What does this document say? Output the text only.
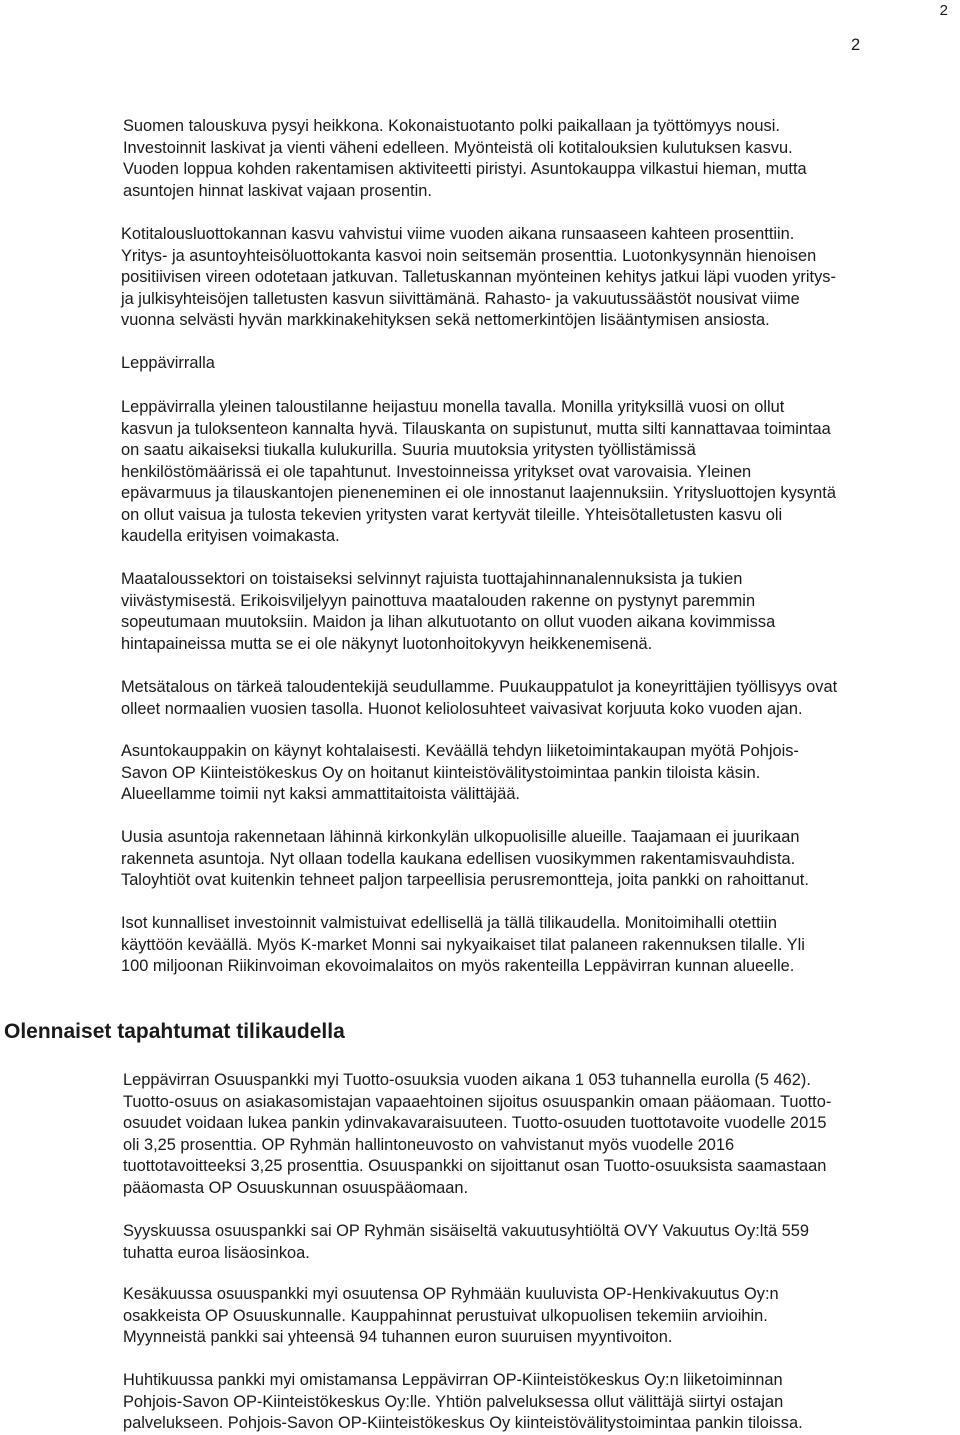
2
2

Suomen talouskuva pysyi heikkona. Kokonaistuotanto polki paikallaan ja työttömyys nousi.
Investoinnit laskivat ja vienti väheni edelleen. Myönteistä oli kotitalouksien kulutuksen kasvu.
Vuoden loppua kohden rakentamisen aktiviteetti piristyi. Asuntokauppa vilkastui hieman, mutta
asuntojen hinnat laskivat vajaan prosentin.

Kotitalousluottokannan kasvu vahvistui viime vuoden aikana runsaaseen kahteen prosenttiin.
Yritys- ja asuntoyhteisöluottokanta kasvoi noin seitsemän prosenttia. Luotonkysynnän hienoisen
positiivisen vireen odotetaan jatkuvan. Talletuskannan myönteinen kehitys jatkui läpi vuoden yritys-
ja julkisyhteisöjen talletusten kasvun siivittämänä. Rahasto- ja vakuutussäästöt nousivat viime
vuonna selvästi hyvän markkinakehityksen sekä nettomerkintöjen lisääntymisen ansiosta.

Leppävirralla

Leppävirralla yleinen taloustilanne heijastuu monella tavalla. Monilla yrityksillä vuosi on ollut
kasvun ja tuloksenteon kannalta hyvä. Tilauskanta on supistunut, mutta silti kannattavaa toimintaa
on saatu aikaiseksi tiukalla kulukurilla. Suuria muutoksia yritysten työllistämissä
henkilöstömäärissä ei ole tapahtunut. Investoinneissa yritykset ovat varovaisia. Yleinen
epävarmuus ja tilauskantojen pieneneminen ei ole innostanut laajennuksiin. Yritysluottojen kysyntä
on ollut vaisua ja tulosta tekevien yritysten varat kertyvät tileille. Yhteisötalletusten kasvu oli
kaudella erityisen voimakasta.

Maataloussektori on toistaiseksi selvinnyt rajuista tuottajahinnanalennuksista ja tukien
viivästymisestä. Erikoisviljelyyn painottuva maatalouden rakenne on pystynyt paremmin
sopeutumaan muutoksiin. Maidon ja lihan alkutuotanto on ollut vuoden aikana kovimmissa
hintapaineissa mutta se ei ole näkynyt luotonhoitokyvyn heikkenemisenä.

Metsätalous on tärkeä taloudentekijä seudullamme. Puukauppatulot ja koneyrittäjien työllisyys ovat
olleet normaalien vuosien tasolla. Huonot keliolosuhteet vaivasivat korjuuta koko vuoden ajan.

Asuntokauppakin on käynyt kohtalaisesti. Keväällä tehdyn liiketoimintakaupan myötä Pohjois-
Savon OP Kiinteistökeskus Oy on hoitanut kiinteistövälitystoimintaa pankin tiloista käsin.
Alueellamme toimii nyt kaksi ammattitaitoista välittäjää.

Uusia asuntoja rakennetaan lähinnä kirkonkylän ulkopuolisille alueille. Taajamaan ei juurikaan
rakenneta asuntoja. Nyt ollaan todella kaukana edellisen vuosikymmen rakentamisvauhdista.
Taloyhtiöt ovat kuitenkin tehneet paljon tarpeellisia perusremontteja, joita pankki on rahoittanut.

Isot kunnalliset investoinnit valmistuivat edellisellä ja tällä tilikaudella. Monitoimihalli otettiin
käyttöön keväällä. Myös K-market Monni sai nykyaikaiset tilat palaneen rakennuksen tilalle. Yli
100 miljoonan Riikinvoiman ekovoimalaitos on myös rakenteilla Leppävirran kunnan alueelle.

Olennaiset tapahtumat tilikaudella

Leppävirran Osuuspankki myi Tuotto-osuuksia vuoden aikana 1 053 tuhannella eurolla (5 462).
Tuotto-osuus on asiakasomistajan vapaaehtoinen sijoitus osuuspankin omaan pääomaan. Tuotto-
osuudet voidaan lukea pankin ydinvakavaraisuuteen. Tuotto-osuuden tuottotavoite vuodelle 2015
oli 3,25 prosenttia. OP Ryhmän hallintoneuvosto on vahvistanut myös vuodelle 2016
tuottotavoitteeksi 3,25 prosenttia. Osuuspankki on sijoittanut osan Tuotto-osuuksista saamastaan
pääomasta OP Osuuskunnan osuuspääomaan.

Syyskuussa osuuspankki sai OP Ryhmän sisäiseltä vakuutusyhtiöltä OVY Vakuutus Oy:ltä 559
tuhatta euroa lisäosinkoa.

Kesäkuussa osuuspankki myi osuutensa OP Ryhmään kuuluvista OP-Henkivakuutus Oy:n
osakkeista OP Osuuskunnalle. Kauppahinnat perustuivat ulkopuolisen tekemiin arvioihin.
Myynneistä pankki sai yhteensä 94 tuhannen euron suuruisen myyntivoiton.

Huhtikuussa pankki myi omistamansa Leppävirran OP-Kiinteistökeskus Oy:n liiketoiminnan
Pohjois-Savon OP-Kiinteistökeskus Oy:lle. Yhtiön palveluksessa ollut välittäjä siirtyi ostajan
palvelukseen. Pohjois-Savon OP-Kiinteistökeskus Oy kiinteistövälitystoimintaa pankin tiloissa.
